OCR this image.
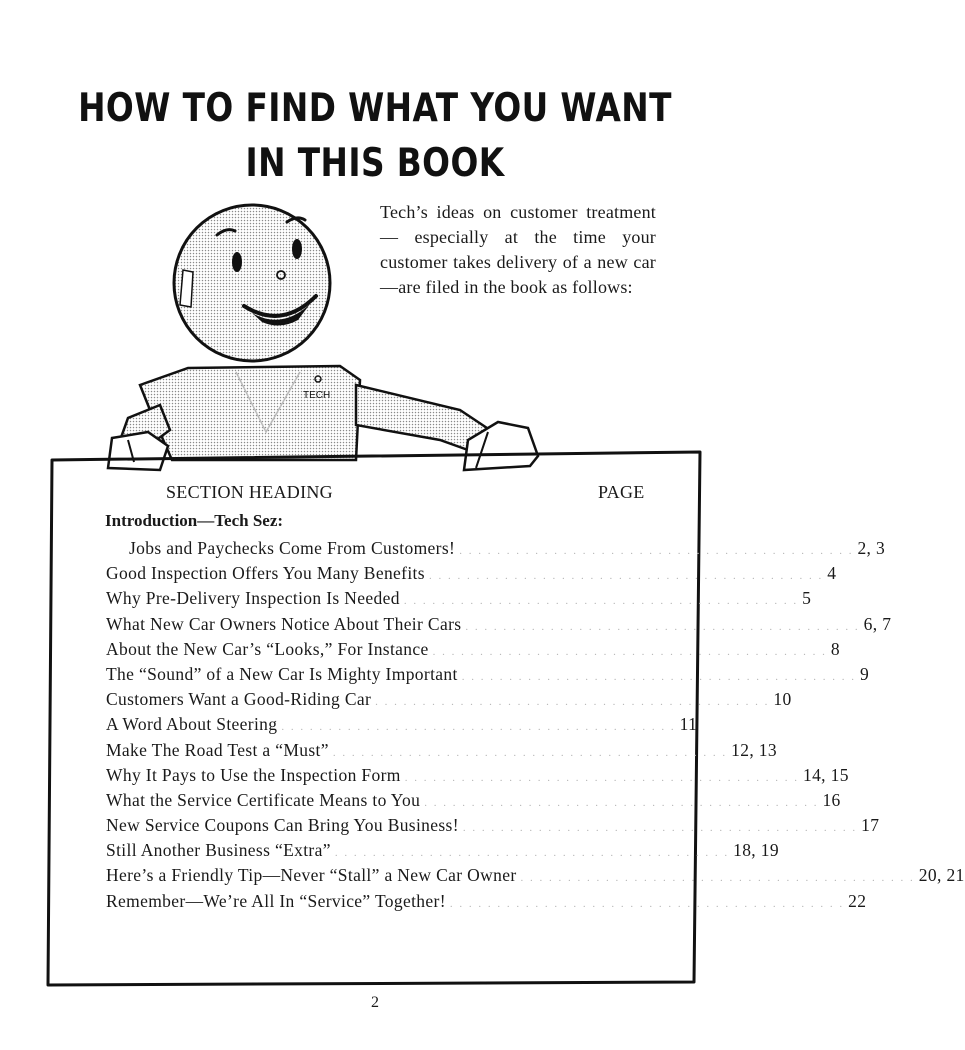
HOW TO FIND WHAT YOU WANT
IN THIS BOOK
Tech’s ideas on customer treatment — especially at the time your customer takes delivery of a new car—are filed in the book as follows:
TECH
SECTION HEADING	PAGE
Introduction—Tech Sez:
Jobs and Paychecks Come From Customers! . . . . . . . . . . . . . . . . . . . . . . . . . . . . . . . . . . . . . . . . . . 2, 3
Good Inspection Offers You Many Benefits . . . . . . . . . . . . . . . . . . . . . . . . . . . . . . . . . . . . . . . . . . 4
Why Pre-Delivery Inspection Is Needed . . . . . . . . . . . . . . . . . . . . . . . . . . . . . . . . . . . . . . . . . . 5
What New Car Owners Notice About Their Cars . . . . . . . . . . . . . . . . . . . . . . . . . . . . . . . . . . . . . . . . . . 6, 7
About the New Car’s “Looks,” For Instance . . . . . . . . . . . . . . . . . . . . . . . . . . . . . . . . . . . . . . . . . . 8
The “Sound” of a New Car Is Mighty Important . . . . . . . . . . . . . . . . . . . . . . . . . . . . . . . . . . . . . . . . . . 9
Customers Want a Good-Riding Car . . . . . . . . . . . . . . . . . . . . . . . . . . . . . . . . . . . . . . . . . . 10
A Word About Steering . . . . . . . . . . . . . . . . . . . . . . . . . . . . . . . . . . . . . . . . . . 11
Make The Road Test a “Must” . . . . . . . . . . . . . . . . . . . . . . . . . . . . . . . . . . . . . . . . . . 12, 13
Why It Pays to Use the Inspection Form . . . . . . . . . . . . . . . . . . . . . . . . . . . . . . . . . . . . . . . . . . 14, 15
What the Service Certificate Means to You . . . . . . . . . . . . . . . . . . . . . . . . . . . . . . . . . . . . . . . . . . 16
New Service Coupons Can Bring You Business! . . . . . . . . . . . . . . . . . . . . . . . . . . . . . . . . . . . . . . . . . . 17
Still Another Business “Extra” . . . . . . . . . . . . . . . . . . . . . . . . . . . . . . . . . . . . . . . . . . 18, 19
Here’s a Friendly Tip—Never “Stall” a New Car Owner . . . . . . . . . . . . . . . . . . . . . . . . . . . . . . . . . . . . . . . . . . 20, 21
Remember—We’re All In “Service” Together! . . . . . . . . . . . . . . . . . . . . . . . . . . . . . . . . . . . . . . . . . . 22
2
